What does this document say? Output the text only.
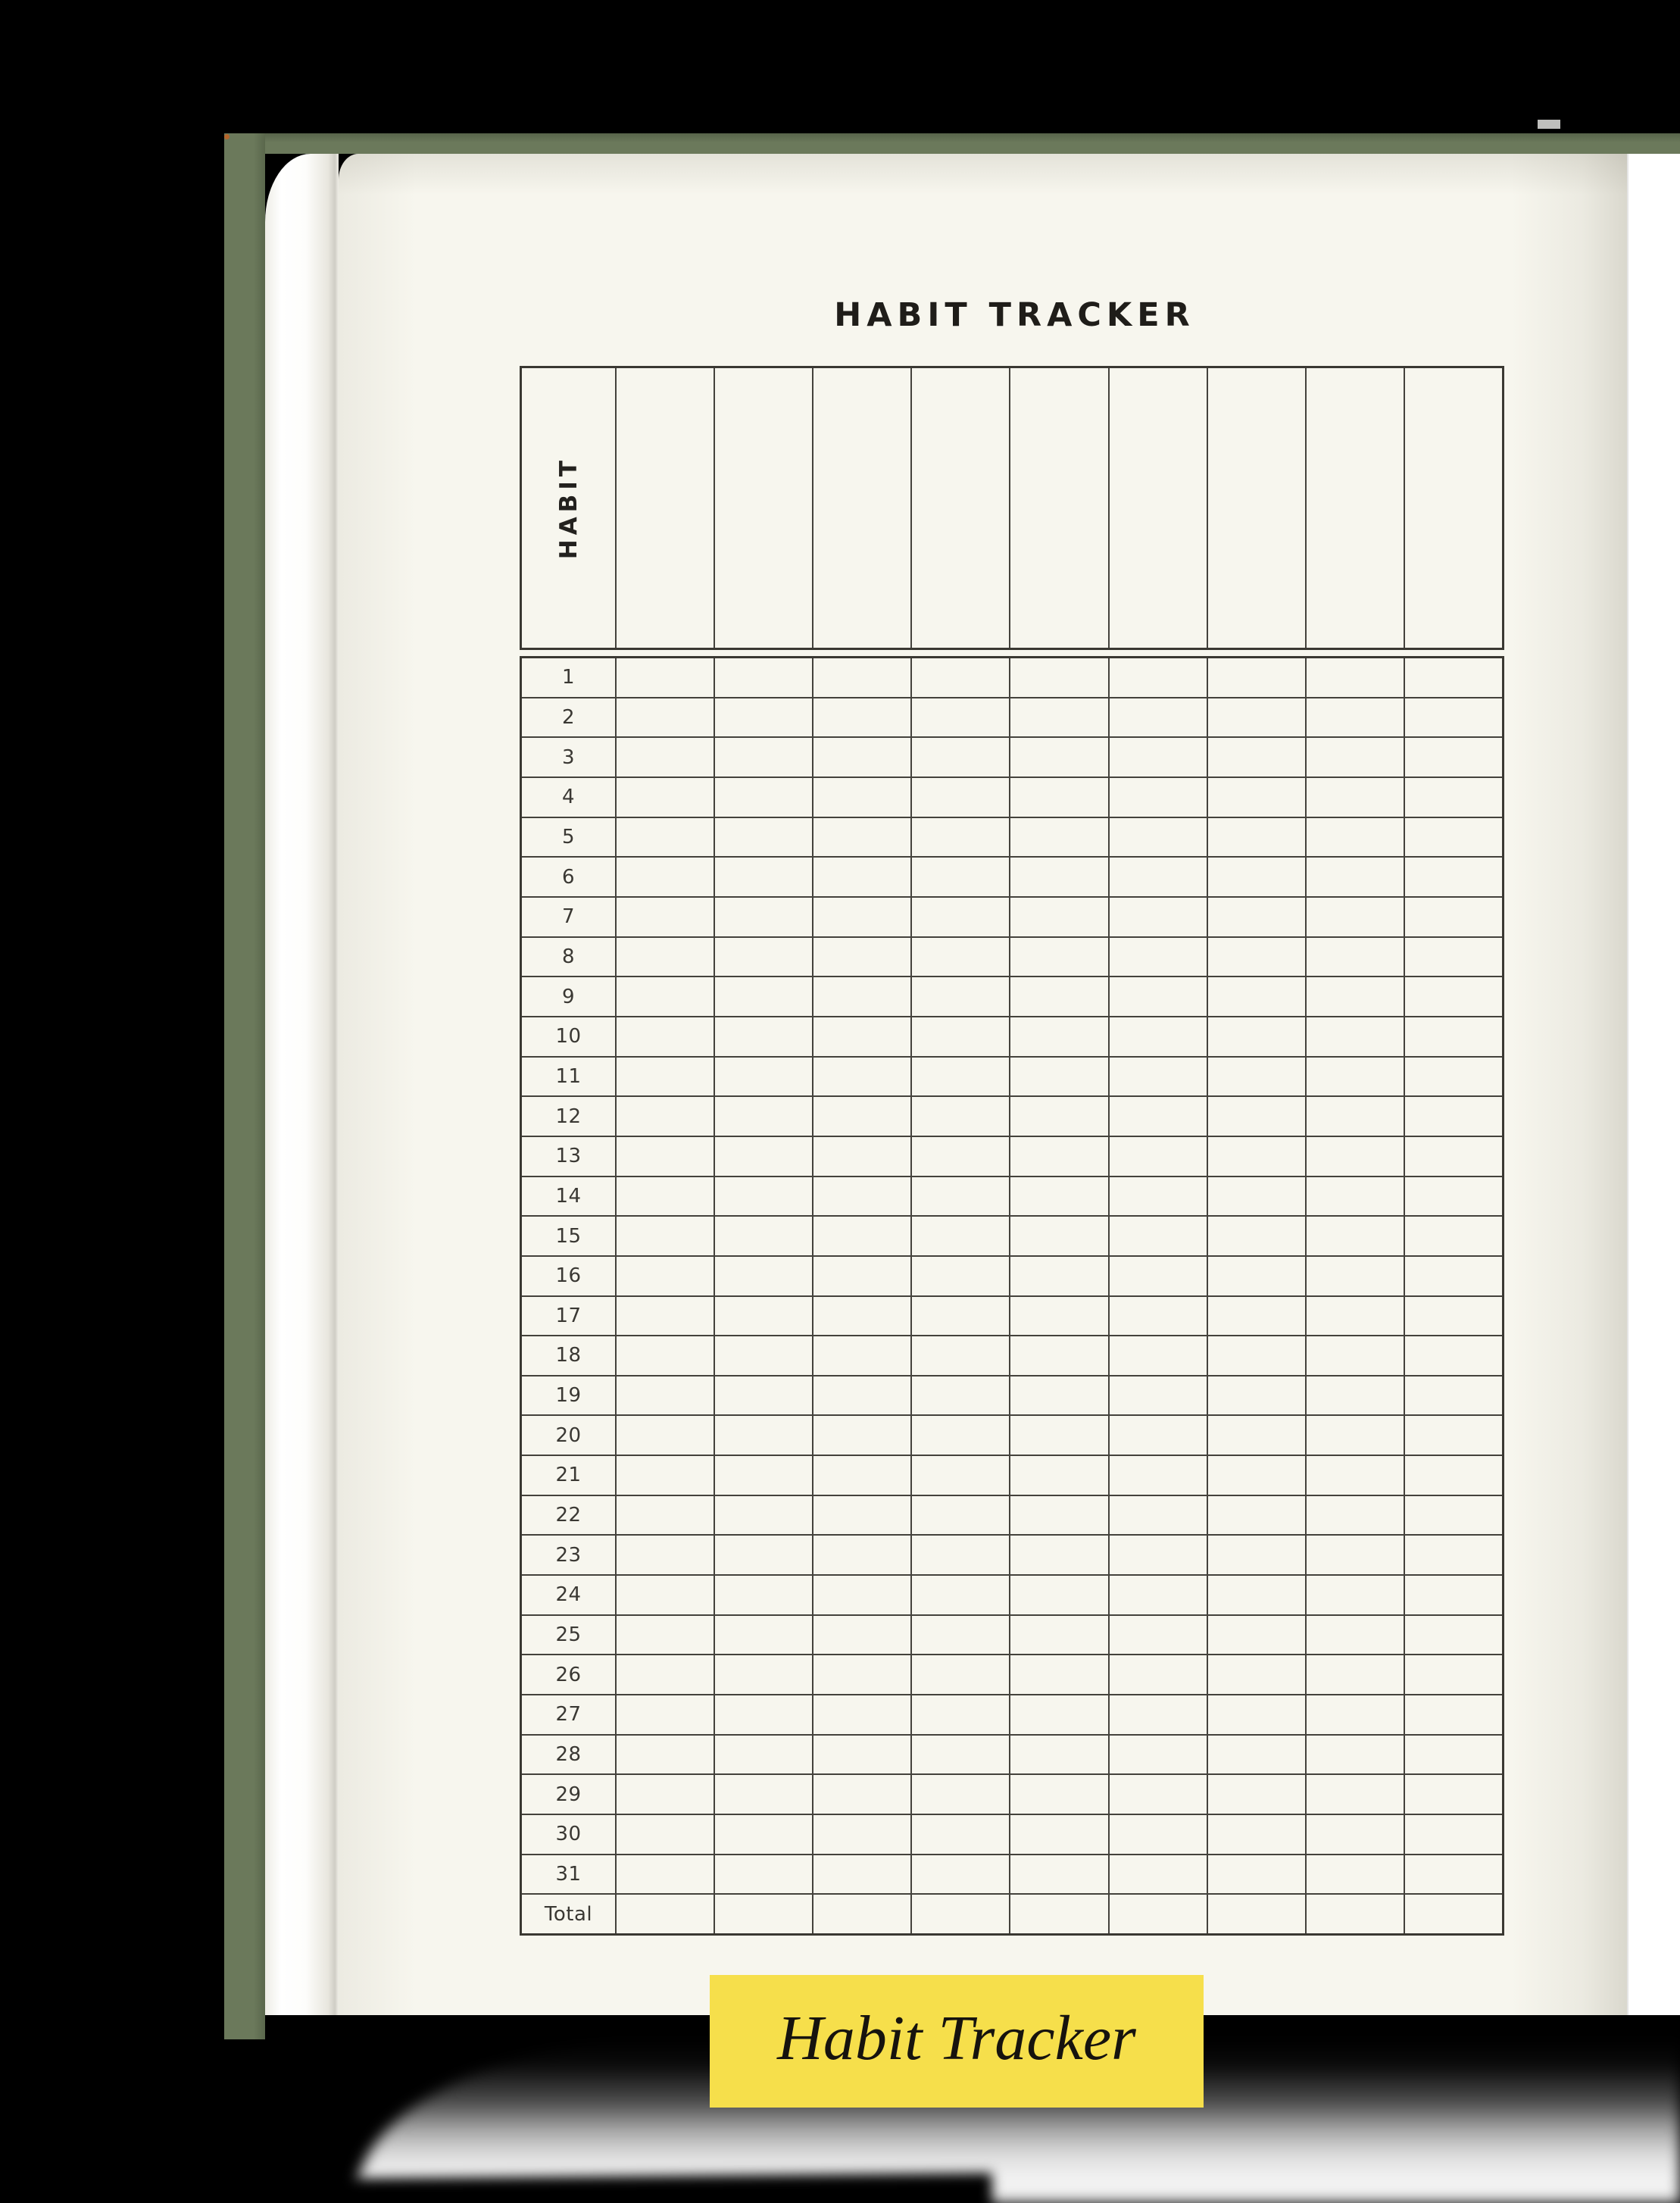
HABIT TRACKER
HABIT
1
2
3
4
5
6
7
8
9
10
11
12
13
14
15
16
17
18
19
20
21
22
23
24
25
26
27
28
29
30
31
Total
Habit Tracker
